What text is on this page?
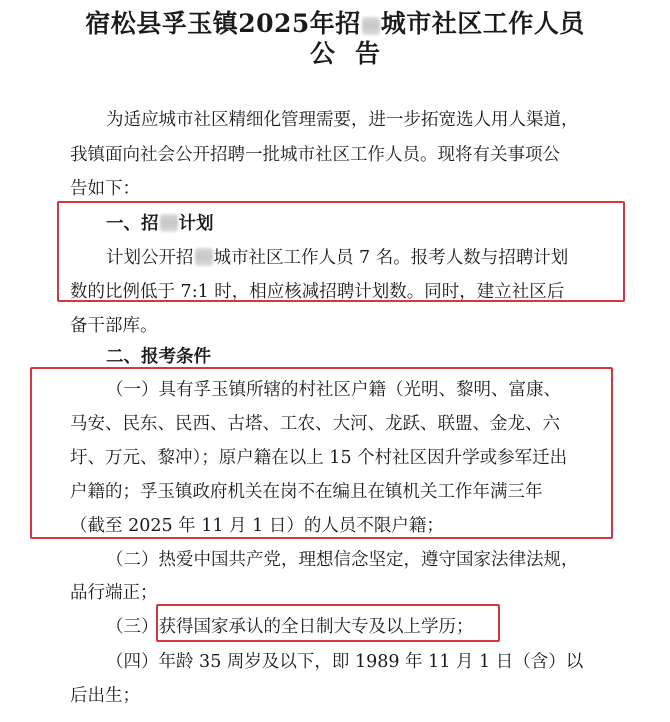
宿松县孚玉镇2025年招 城市社区工作人员
公告
为适应城市社区精细化管理需要，进一步拓宽选人用人渠道，
我镇面向社会公开招聘一批城市社区工作人员。现将有关事项公
告如下：
一、招 计划
计划公开招 城市社区工作人员 7 名。报考人数与招聘计划
数的比例低于 7:1 时，相应核减招聘计划数。同时，建立社区后
备干部库。
二、报考条件
（一）具有孚玉镇所辖的村社区户籍（光明、黎明、富康、
马安、民东、民西、古塔、工农、大河、龙跃、联盟、金龙、六
圩、万元、黎冲）；原户籍在以上 15 个村社区因升学或参军迁出
户籍的；孚玉镇政府机关在岗不在编且在镇机关工作年满三年
（截至 2025 年 11 月 1 日）的人员不限户籍；
（二）热爱中国共产党，理想信念坚定，遵守国家法律法规，
品行端正；
（三）获得国家承认的全日制大专及以上学历；
（四）年龄 35 周岁及以下，即 1989 年 11 月 1 日（含）以
后出生；
